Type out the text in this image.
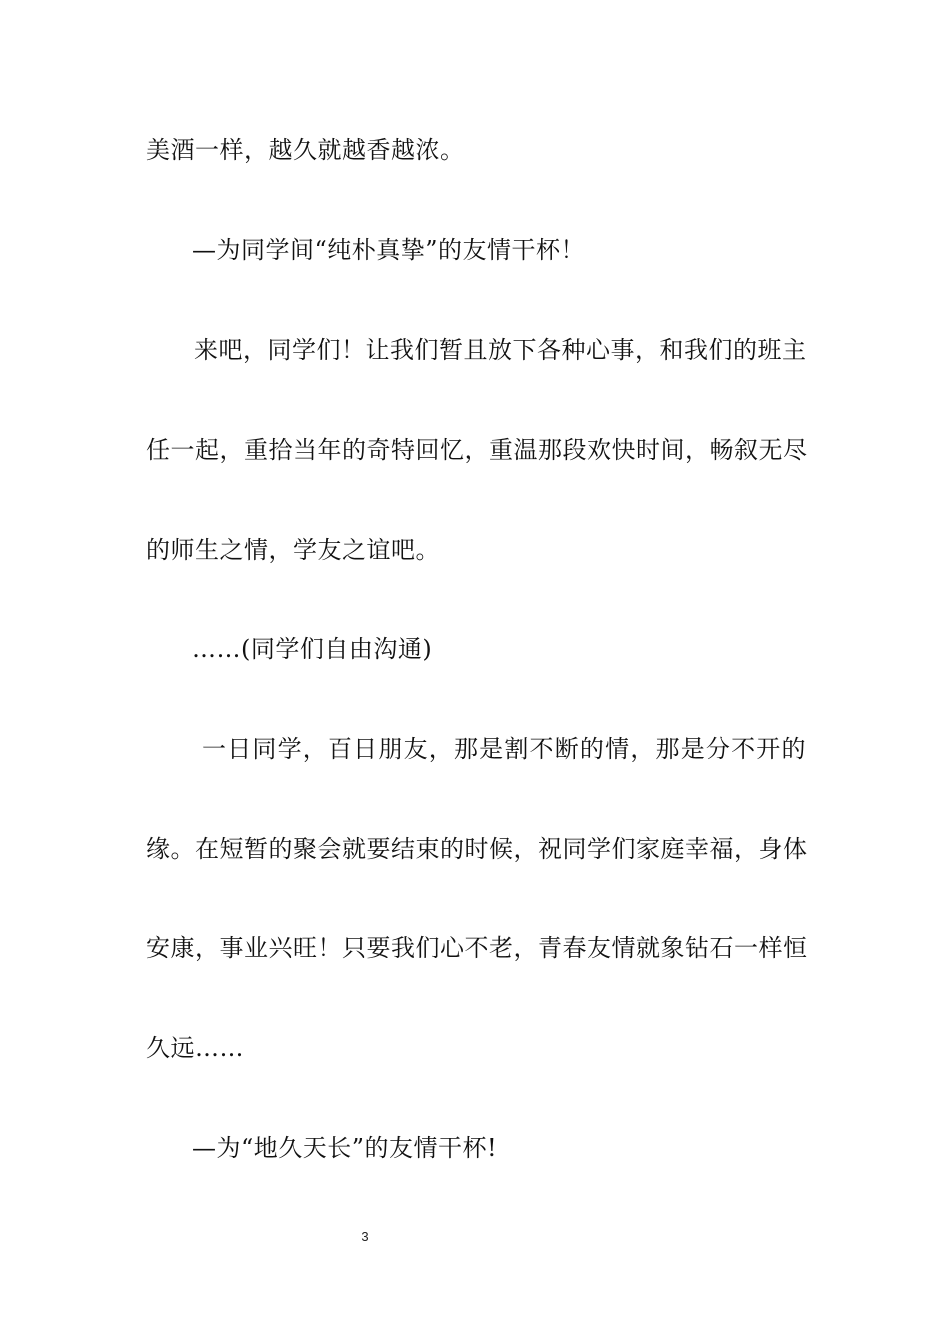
美酒一样，越久就越香越浓。
—为同学间“纯朴真挚”的友情干杯！
来吧，同学们！让我们暂且放下各种心事，和我们的班主
任一起，重拾当年的奇特回忆，重温那段欢快时间，畅叙无尽
的师生之情，学友之谊吧。
……(同学们自由沟通)
一日同学，百日朋友，那是割不断的情，那是分不开的
缘。在短暂的聚会就要结束的时候，祝同学们家庭幸福，身体
安康，事业兴旺！只要我们心不老，青春友情就象钻石一样恒
久远……
—为“地久天长”的友情干杯!
3
